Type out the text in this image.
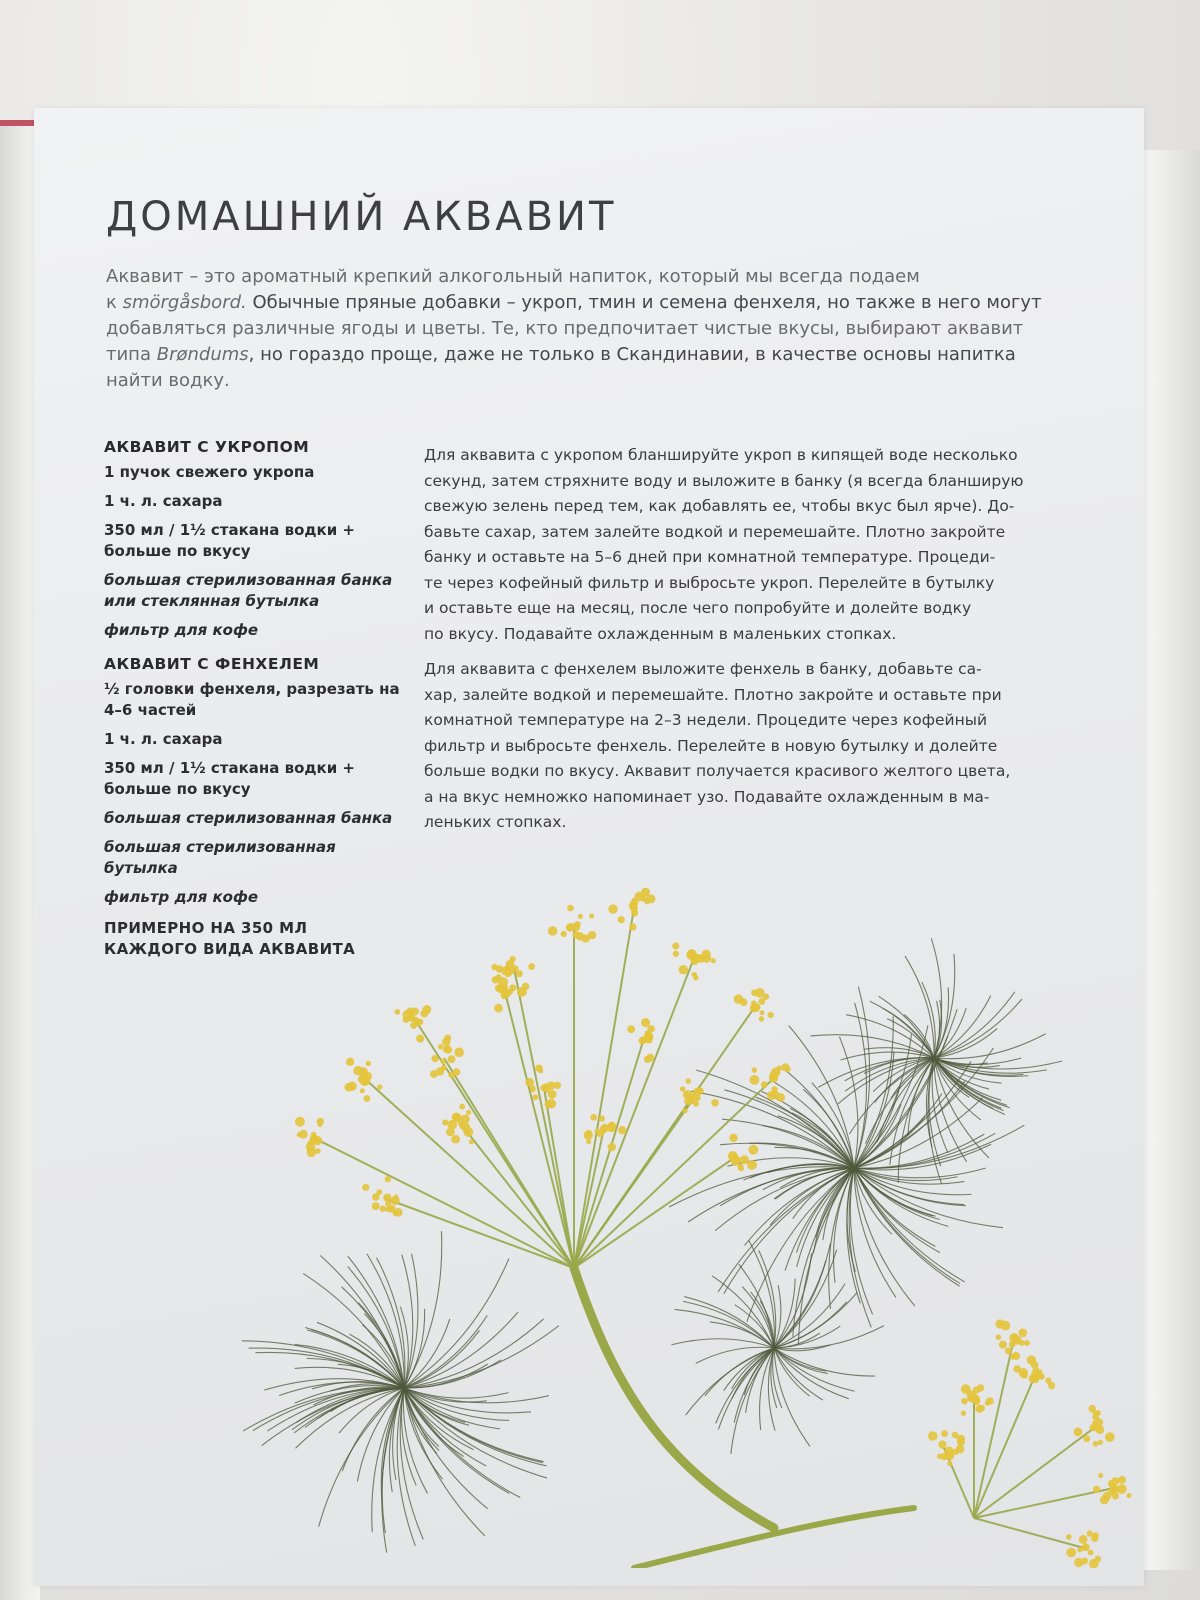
ДОМАШНИЙ АКВАВИТ
Аквавит – это ароматный крепкий алкогольный напиток, который мы всегда подаем
к smörgåsbord. Обычные пряные добавки – укроп, тмин и семена фенхеля, но также в него могут
добавляться различные ягоды и цветы. Те, кто предпочитает чистые вкусы, выбирают аквавит
типа Brøndums, но гораздо проще, даже не только в Скандинавии, в качестве основы напитка
найти водку.
АКВАВИТ С УКРОПОМ
1 пучок свежего укропа
1 ч. л. сахара
350 мл / 1½ стакана водки + больше по вкусу
большая стерилизованная банка или стеклянная бутылка
фильтр для кофе
АКВАВИТ С ФЕНХЕЛЕМ
½ головки фенхеля, разрезать на 4–6 частей
1 ч. л. сахара
350 мл / 1½ стакана водки + больше по вкусу
большая стерилизованная банка
большая стерилизованная бутылка
фильтр для кофе
ПРИМЕРНО НА 350 МЛ КАЖДОГО ВИДА АКВАВИТА

Для аквавита с укропом бланшируйте укроп в кипящей воде несколько
секунд, затем стряхните воду и выложите в банку (я всегда бланширую
свежую зелень перед тем, как добавлять ее, чтобы вкус был ярче). До-
бавьте сахар, затем залейте водкой и перемешайте. Плотно закройте
банку и оставьте на 5–6 дней при комнатной температуре. Процеди-
те через кофейный фильтр и выбросьте укроп. Перелейте в бутылку
и оставьте еще на месяц, после чего попробуйте и долейте водку
по вкусу. Подавайте охлажденным в маленьких стопках.

Для аквавита с фенхелем выложите фенхель в банку, добавьте са-
хар, залейте водкой и перемешайте. Плотно закройте и оставьте при
комнатной температуре на 2–3 недели. Процедите через кофейный
фильтр и выбросьте фенхель. Перелейте в новую бутылку и долейте
больше водки по вкусу. Аквавит получается красивого желтого цвета,
а на вкус немножко напоминает узо. Подавайте охлажденным в ма-
леньких стопках.
